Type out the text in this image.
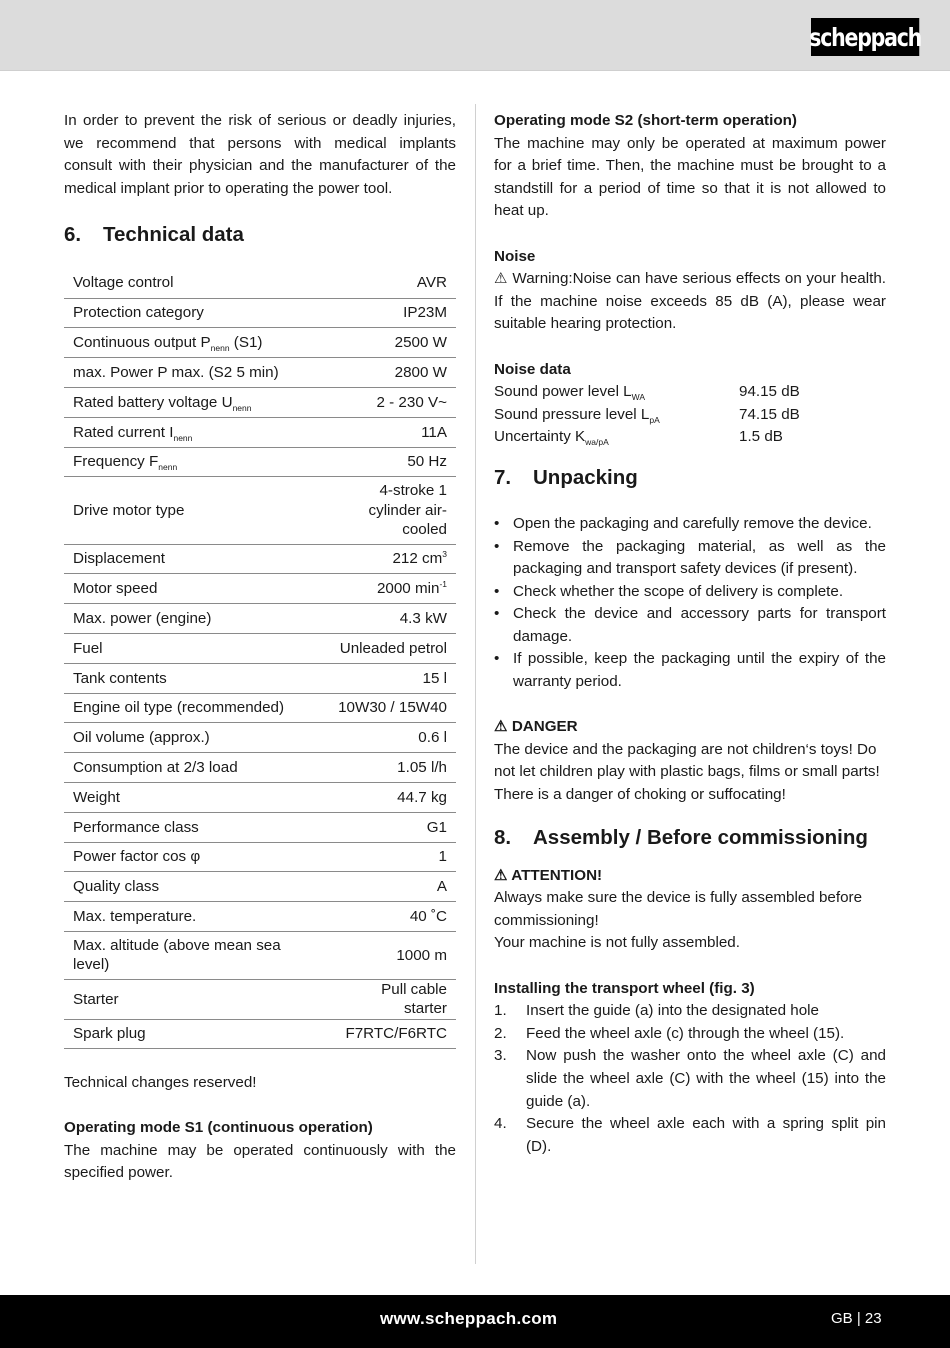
scheppach

In order to prevent the risk of serious or deadly injuries, we recommend that persons with medical implants consult with their physician and the manufacturer of the medical implant prior to operating the power tool.

6.	Technical data
Voltage control	AVR
Protection category	IP23M
Continuous output $P_{nenn}$ (S1)	2500 W
max. Power P max. (S2 5 min)	2800 W
Rated battery voltage $U_{nenn}$	2 - 230 V~
Rated current $I_{nenn}$	11A
Frequency $F_{nenn}$	50 Hz
Drive motor type	4-stroke 1 cylinder air-cooled
Displacement	212 $cm^3$
Motor speed	2000 $\min^{-1}$
Max. power (engine)	4.3 kW
Fuel	Unleaded petrol
Tank contents	15 l
Engine oil type (recommended)	10W30 / 15W40
Oil volume (approx.)	0.6 l
Consumption at 2/3 load	1.05 l/h
Weight	44.7 kg
Performance class	G1
Power factor cos φ	1
Quality class	A
Max. temperature.	40 ˚C
Max. altitude (above mean sea level)	1000 m
Starter	Pull cable starter
Spark plug	F7RTC/F6RTC

Technical changes reserved!

Operating mode S1 (continuous operation)

The machine may be operated continuously with the specified power.

Operating mode S2 (short-term operation)

The machine may only be operated at maximum power for a brief time. Then, the machine must be brought to a standstill for a period of time so that it is not allowed to heat up.

Noise

⚠ Warning:Noise can have serious effects on your health. If the machine noise exceeds 85 dB (A), please wear suitable hearing protection.

Noise data

Sound power level $L_{WA}$	94.15 dB
Sound pressure level $L_{pA}$	74.15 dB
Uncertainty $K_{wa/pA}$	1.5 dB
7.	Unpacking
• Open the packaging and carefully remove the device.
• Remove the packaging material, as well as the packaging and transport safety devices (if present).
• Check whether the scope of delivery is complete.
• Check the device and accessory parts for transport damage.
• If possible, keep the packaging until the expiry of the warranty period.

⚠ DANGER

The device and the packaging are not children‘s toys! Do not let children play with plastic bags, films or small parts! There is a danger of choking or suffocating!

8.	Assembly / Before commissioning

⚠ ATTENTION!

Always make sure the device is fully assembled before commissioning!

Your machine is not fully assembled.

Installing the transport wheel (fig. 3)

1.	Insert the guide (a) into the designated hole
2.	Feed the wheel axle (c) through the wheel (15).
3.	Now push the washer onto the wheel axle (C) and slide the wheel axle (C) with the wheel (15) into the guide (a).
4.	Secure the wheel axle each with a spring split pin (D).
www.scheppach.com	GB | 23
